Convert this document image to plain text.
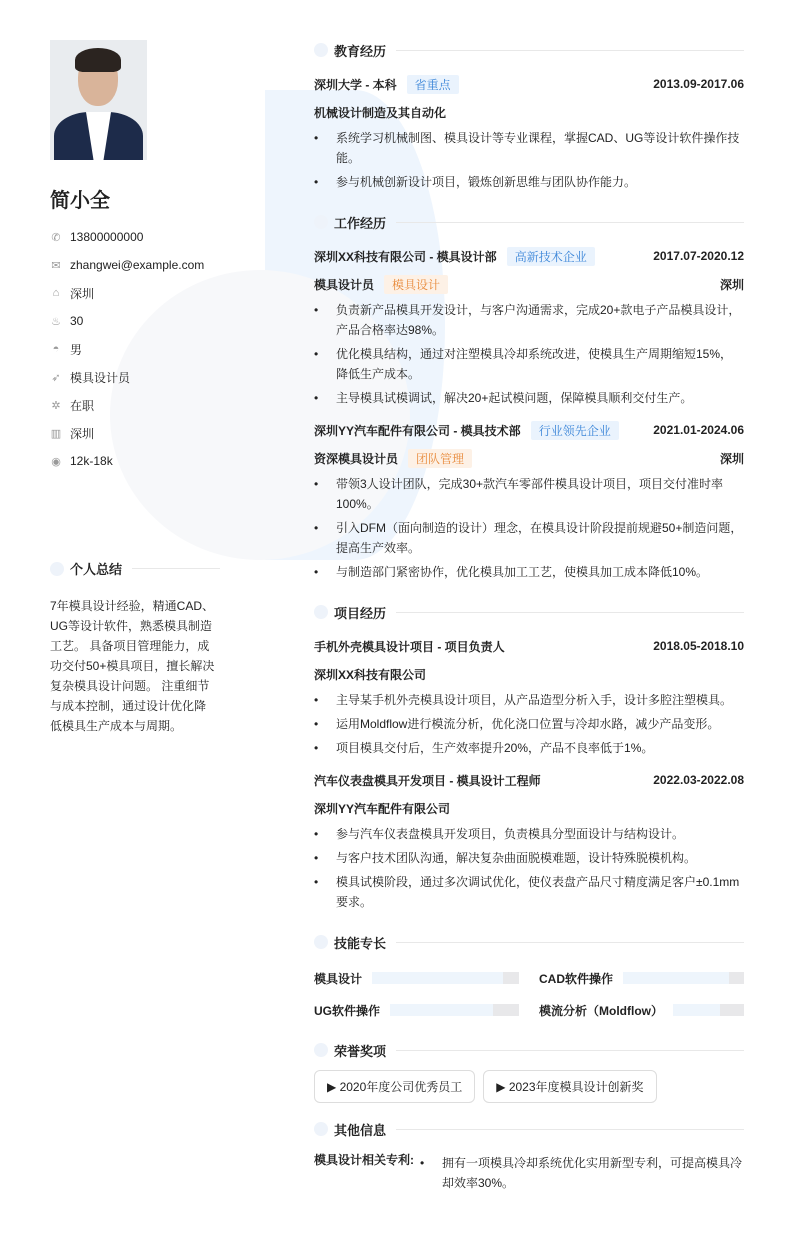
简小全
✆ 13800000000
✉ zhangwei@example.com
⌂ 深圳
♨ 30
◓ 男
➶ 模具设计员
✲ 在职
▥ 深圳
◉ 12k-18k
个人总结
7年模具设计经验，精通CAD、UG等设计软件，熟悉模具制造工艺。 具备项目管理能力，成功交付50+模具项目，擅长解决复杂模具设计问题。 注重细节与成本控制，通过设计优化降低模具生产成本与周期。
教育经历
深圳大学 - 本科	省重点	2013.09-2017.06
机械设计制造及其自动化
• 系统学习机械制图、模具设计等专业课程，掌握CAD、UG等设计软件操作技能。
• 参与机械创新设计项目，锻炼创新思维与团队协作能力。
工作经历
深圳XX科技有限公司 - 模具设计部	高新技术企业	2017.07-2020.12
模具设计员	模具设计	深圳
• 负责新产品模具开发设计，与客户沟通需求，完成20+款电子产品模具设计，产品合格率达98%。
• 优化模具结构，通过对注塑模具冷却系统改进，使模具生产周期缩短15%，降低生产成本。
• 主导模具试模调试，解决20+起试模问题，保障模具顺利交付生产。
深圳YY汽车配件有限公司 - 模具技术部	行业领先企业	2021.01-2024.06
资深模具设计员	团队管理	深圳
• 带领3人设计团队，完成30+款汽车零部件模具设计项目，项目交付准时率100%。
• 引入DFM（面向制造的设计）理念，在模具设计阶段提前规避50+制造问题，提高生产效率。
• 与制造部门紧密协作，优化模具加工工艺，使模具加工成本降低10%。
项目经历
手机外壳模具设计项目 - 项目负责人	2018.05-2018.10
深圳XX科技有限公司
• 主导某手机外壳模具设计项目，从产品造型分析入手，设计多腔注塑模具。
• 运用Moldflow进行模流分析，优化浇口位置与冷却水路，减少产品变形。
• 项目模具交付后，生产效率提升20%，产品不良率低于1%。
汽车仪表盘模具开发项目 - 模具设计工程师	2022.03-2022.08
深圳YY汽车配件有限公司
• 参与汽车仪表盘模具开发项目，负责模具分型面设计与结构设计。
• 与客户技术团队沟通，解决复杂曲面脱模难题，设计特殊脱模机构。
• 模具试模阶段，通过多次调试优化，使仪表盘产品尺寸精度满足客户±0.1mm要求。
技能专长
模具设计	CAD软件操作
UG软件操作	模流分析（Moldflow）
荣誉奖项
▶ 2020年度公司优秀员工	▶ 2023年度模具设计创新奖
其他信息
模具设计相关专利:	• 拥有一项模具冷却系统优化实用新型专利，可提高模具冷却效率30%。
